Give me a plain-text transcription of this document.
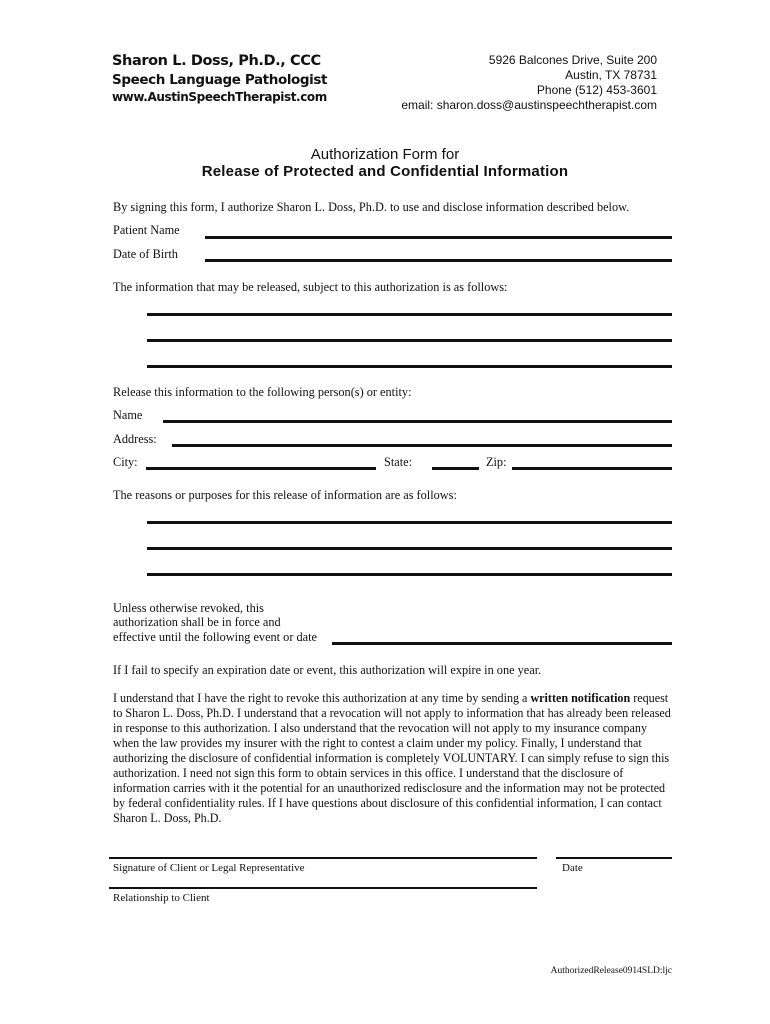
Sharon L. Doss, Ph.D., CCC
Speech Language Pathologist
www.AustinSpeechTherapist.com
5926 Balcones Drive, Suite 200
Austin, TX 78731
Phone (512) 453-3601
email: sharon.doss@austinspeechtherapist.com
Authorization Form for
Release of Protected and Confidential Information
By signing this form, I authorize Sharon L. Doss, Ph.D. to use and disclose information described below.
Patient Name
Date of Birth
The information that may be released, subject to this authorization is as follows:
Release this information to the following person(s) or entity:
Name
Address:
City:	State:	Zip:
The reasons or purposes for this release of information are as follows:
Unless otherwise revoked, this
authorization shall be in force and
effective until the following event or date
If I fail to specify an expiration date or event, this authorization will expire in one year.
I understand that I have the right to revoke this authorization at any time by sending a written notification request to Sharon L. Doss, Ph.D. I understand that a revocation will not apply to information that has already been released in response to this authorization. I also understand that the revocation will not apply to my insurance company when the law provides my insurer with the right to contest a claim under my policy. Finally, I understand that authorizing the disclosure of confidential information is completely VOLUNTARY. I can simply refuse to sign this authorization. I need not sign this form to obtain services in this office. I understand that the disclosure of information carries with it the potential for an unauthorized redisclosure and the information may not be protected by federal confidentiality rules. If I have questions about disclosure of this confidential information, I can contact Sharon L. Doss, Ph.D.
Signature of Client or Legal Representative	Date
Relationship to Client
AuthorizedRelease0914SLD:ljc
